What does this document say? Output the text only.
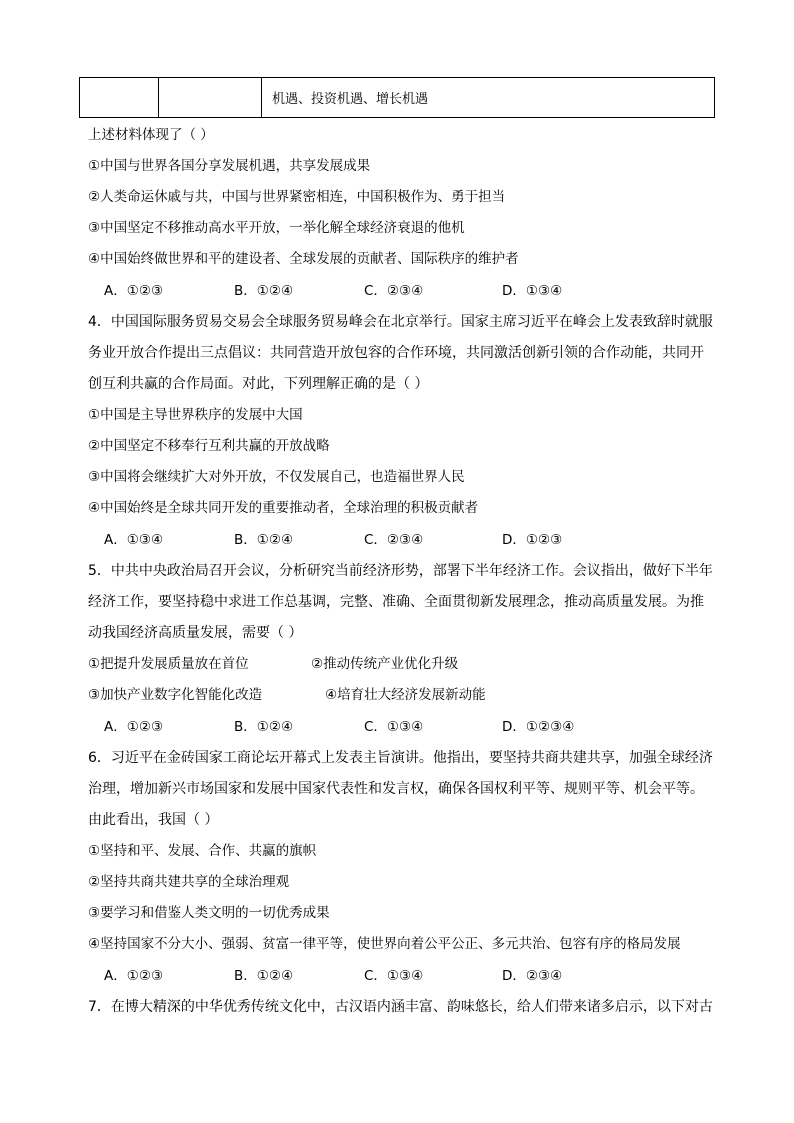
		机遇、投资机遇、增长机遇
上述材料体现了（ ）
①中国与世界各国分享发展机遇，共享发展成果
②人类命运休戚与共，中国与世界紧密相连，中国积极作为、勇于担当
③中国坚定不移推动高水平开放，一举化解全球经济衰退的他机
④中国始终做世界和平的建设者、全球发展的贡献者、国际秩序的维护者
A．①②③	B．①②④	C．②③④	D．①③④
4．中国国际服务贸易交易会全球服务贸易峰会在北京举行。国家主席习近平在峰会上发表致辞时就服
务业开放合作提出三点倡议：共同营造开放包容的合作环境，共同激活创新引领的合作动能，共同开
创互利共赢的合作局面。对此，下列理解正确的是（ ）
①中国是主导世界秩序的发展中大国
②中国坚定不移奉行互利共赢的开放战略
③中国将会继续扩大对外开放，不仅发展自己，也造福世界人民
④中国始终是全球共同开发的重要推动者，全球治理的积极贡献者
A．①③④	B．①②④	C．②③④	D．①②③
5．中共中央政治局召开会议，分析研究当前经济形势，部署下半年经济工作。会议指出，做好下半年
经济工作，要坚持稳中求进工作总基调，完整、准确、全面贯彻新发展理念，推动高质量发展。为推
动我国经济高质量发展，需要（ ）
①把提升发展质量放在首位	②推动传统产业优化升级
③加快产业数字化智能化改造	④培育壮大经济发展新动能
A．①②③	B．①②④	C．①③④	D．①②③④
6．习近平在金砖国家工商论坛开幕式上发表主旨演讲。他指出，要坚持共商共建共享，加强全球经济
治理，增加新兴市场国家和发展中国家代表性和发言权，确保各国权利平等、规则平等、机会平等。
由此看出，我国（ ）
①坚持和平、发展、合作、共赢的旗帜
②坚持共商共建共享的全球治理观
③要学习和借鉴人类文明的一切优秀成果
④坚持国家不分大小、强弱、贫富一律平等，使世界向着公平公正、多元共治、包容有序的格局发展
A．①②③	B．①②④	C．①③④	D．②③④
7．在博大精深的中华优秀传统文化中，古汉语内涵丰富、韵味悠长，给人们带来诸多启示，以下对古
